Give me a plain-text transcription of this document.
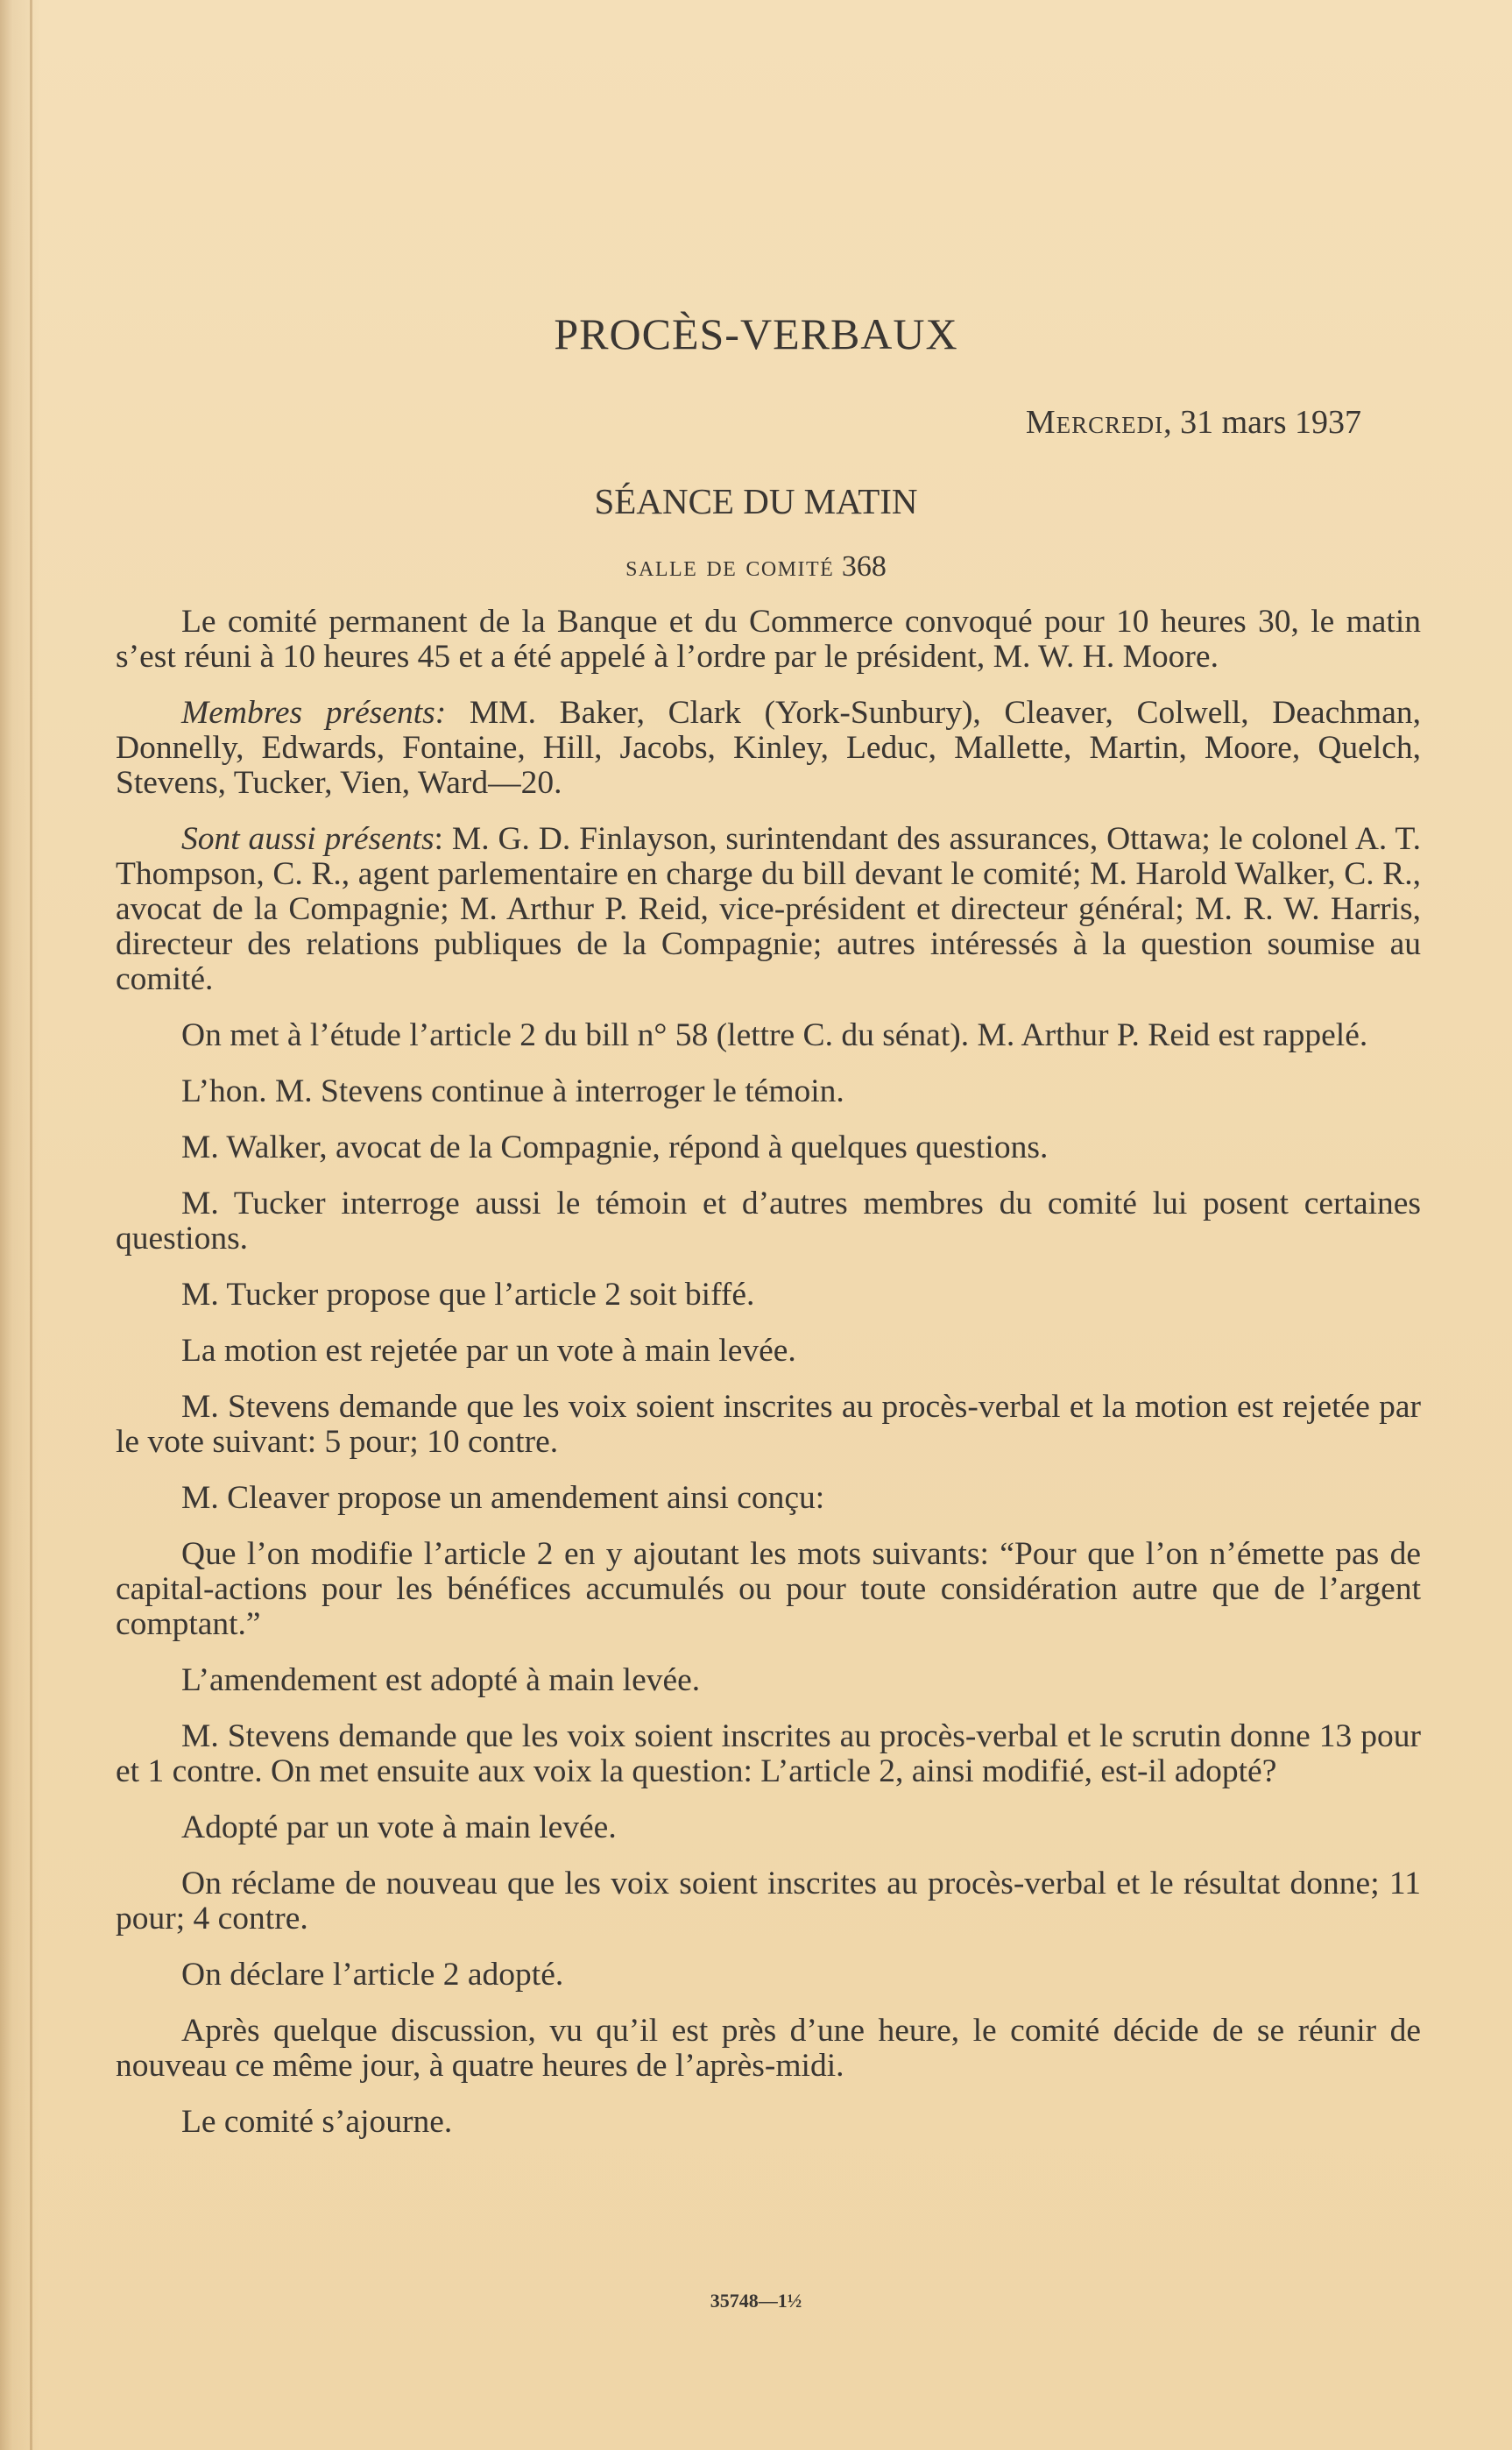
PROCÈS-VERBAUX
Mercredi, 31 mars 1937
SÉANCE DU MATIN
salle de comité 368

Le comité permanent de la Banque et du Commerce convoqué pour 10 heures 30, le matin s’est réuni à 10 heures 45 et a été appelé à l’ordre par le président, M. W. H. Moore.

Membres présents: MM. Baker, Clark (York-Sunbury), Cleaver, Colwell, Deachman, Donnelly, Edwards, Fontaine, Hill, Jacobs, Kinley, Leduc, Mallette, Martin, Moore, Quelch, Stevens, Tucker, Vien, Ward—20.

Sont aussi présents: M. G. D. Finlayson, surintendant des assurances, Ottawa; le colonel A. T. Thompson, C. R., agent parlementaire en charge du bill devant le comité; M. Harold Walker, C. R., avocat de la Compagnie; M. Arthur P. Reid, vice-président et directeur général; M. R. W. Harris, directeur des relations publiques de la Compagnie; autres intéressés à la question soumise au comité.

On met à l’étude l’article 2 du bill n° 58 (lettre C. du sénat). M. Arthur P. Reid est rappelé.

L’hon. M. Stevens continue à interroger le témoin.

M. Walker, avocat de la Compagnie, répond à quelques questions.

M. Tucker interroge aussi le témoin et d’autres membres du comité lui posent certaines questions.

M. Tucker propose que l’article 2 soit biffé.

La motion est rejetée par un vote à main levée.

M. Stevens demande que les voix soient inscrites au procès-verbal et la motion est rejetée par le vote suivant: 5 pour; 10 contre.

M. Cleaver propose un amendement ainsi conçu:

Que l’on modifie l’article 2 en y ajoutant les mots suivants: “Pour que l’on n’émette pas de capital-actions pour les bénéfices accumulés ou pour toute considération autre que de l’argent comptant.”

L’amendement est adopté à main levée.

M. Stevens demande que les voix soient inscrites au procès-verbal et le scrutin donne 13 pour et 1 contre. On met ensuite aux voix la question: L’article 2, ainsi modifié, est-il adopté?

Adopté par un vote à main levée.

On réclame de nouveau que les voix soient inscrites au procès-verbal et le résultat donne; 11 pour; 4 contre.

On déclare l’article 2 adopté.

Après quelque discussion, vu qu’il est près d’une heure, le comité décide de se réunir de nouveau ce même jour, à quatre heures de l’après-midi.

Le comité s’ajourne.

35748—1½
